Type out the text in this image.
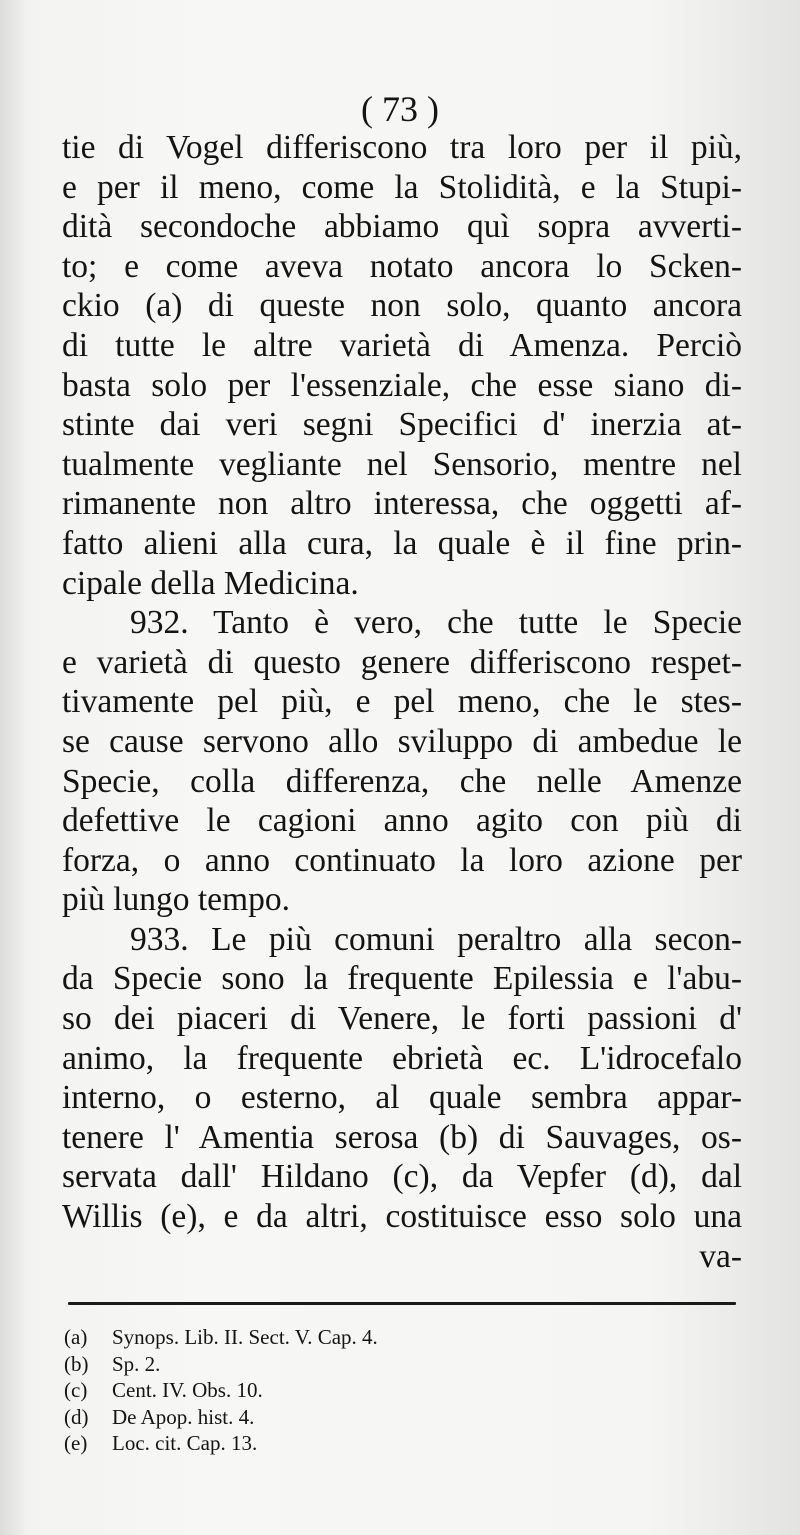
( 73 )
tie di Vogel differiscono tra loro per il più,
e per il meno, come la Stolidità, e la Stupi-
dità secondoche abbiamo quì sopra avverti-
to; e come aveva notato ancora lo Scken-
ckio (a) di queste non solo, quanto ancora
di tutte le altre varietà di Amenza. Perciò
basta solo per l'essenziale, che esse siano di-
stinte dai veri segni Specifici d' inerzia at-
tualmente vegliante nel Sensorio, mentre nel
rimanente non altro interessa, che oggetti af-
fatto alieni alla cura, la quale è il fine prin-
cipale della Medicina.
932. Tanto è vero, che tutte le Specie
e varietà di questo genere differiscono respet-
tivamente pel più, e pel meno, che le stes-
se cause servono allo sviluppo di ambedue le
Specie, colla differenza, che nelle Amenze
defettive le cagioni anno agito con più di
forza, o anno continuato la loro azione per
più lungo tempo.
933. Le più comuni peraltro alla secon-
da Specie sono la frequente Epilessia e l'abu-
so dei piaceri di Venere, le forti passioni d'
animo, la frequente ebrietà ec. L'idrocefalo
interno, o esterno, al quale sembra appar-
tenere l' Amentia serosa (b) di Sauvages, os-
servata dall' Hildano (c), da Vepfer (d), dal
Willis (e), e da altri, costituisce esso solo una
va-
(a) Synops. Lib. II. Sect. V. Cap. 4.
(b) Sp. 2.
(c) Cent. IV. Obs. 10.
(d) De Apop. hist. 4.
(e) Loc. cit. Cap. 13.
